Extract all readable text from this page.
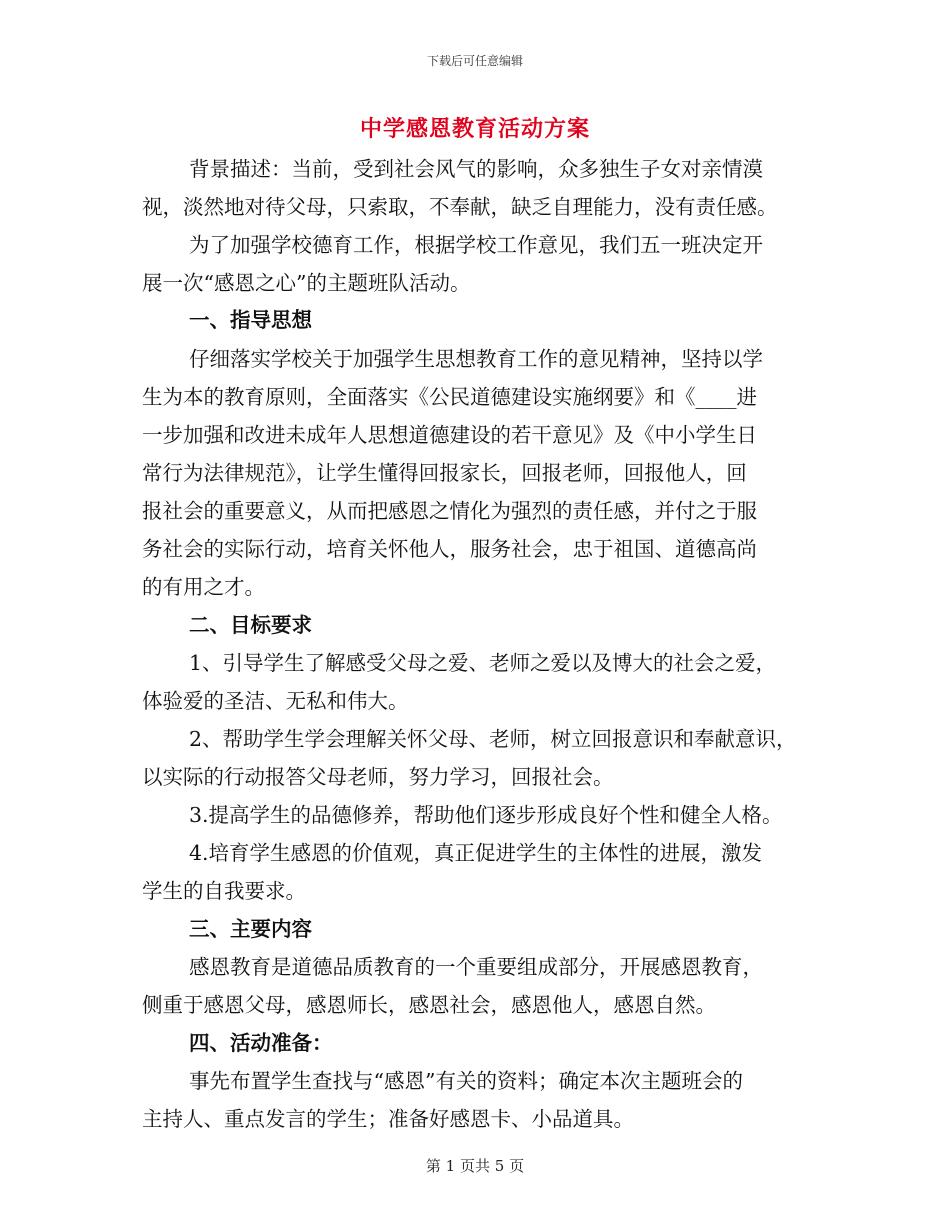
下载后可任意编辑
中学感恩教育活动方案
背景描述：当前，受到社会风气的影响，众多独生子女对亲情漠
视，淡然地对待父母，只索取，不奉献，缺乏自理能力，没有责任感。
为了加强学校德育工作，根据学校工作意见，我们五一班决定开
展一次“感恩之心”的主题班队活动。
一、指导思想
仔细落实学校关于加强学生思想教育工作的意见精神，坚持以学
生为本的教育原则，全面落实《公民道德建设实施纲要》和《____进
一步加强和改进未成年人思想道德建设的若干意见》及《中小学生日
常行为法律规范》，让学生懂得回报家长，回报老师，回报他人，回
报社会的重要意义，从而把感恩之情化为强烈的责任感，并付之于服
务社会的实际行动，培育关怀他人，服务社会，忠于祖国、道德高尚
的有用之才。
二、目标要求
1、引导学生了解感受父母之爱、老师之爱以及博大的社会之爱，
体验爱的圣洁、无私和伟大。
2、帮助学生学会理解关怀父母、老师，树立回报意识和奉献意识，
以实际的行动报答父母老师，努力学习，回报社会。
3.提高学生的品德修养，帮助他们逐步形成良好个性和健全人格。
4.培育学生感恩的价值观，真正促进学生的主体性的进展，激发
学生的自我要求。
三、主要内容
感恩教育是道德品质教育的一个重要组成部分，开展感恩教育，
侧重于感恩父母，感恩师长，感恩社会，感恩他人，感恩自然。
四、活动准备：
事先布置学生查找与“感恩”有关的资料；确定本次主题班会的
主持人、重点发言的学生；准备好感恩卡、小品道具。
第 1 页共 5 页
